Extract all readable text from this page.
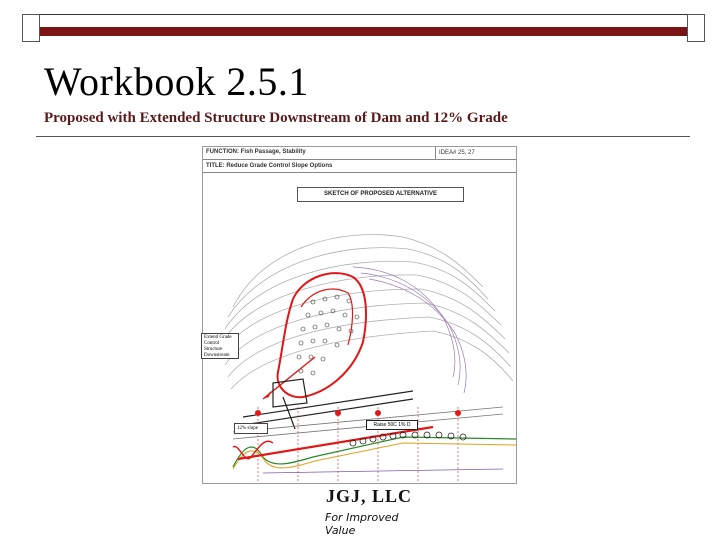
Workbook 2.5.1
Proposed with Extended Structure Downstream of Dam and 12% Grade
FUNCTION: Fish Passage, Stability	IDEA# 25, 27
TITLE: Reduce Grade Control Slope Options
SKETCH OF PROPOSED ALTERNATIVE
Extend Grade Control Structure Downstream
12% slope
Raise 50C 1% D
JGJ, LLC
For Improved Value
